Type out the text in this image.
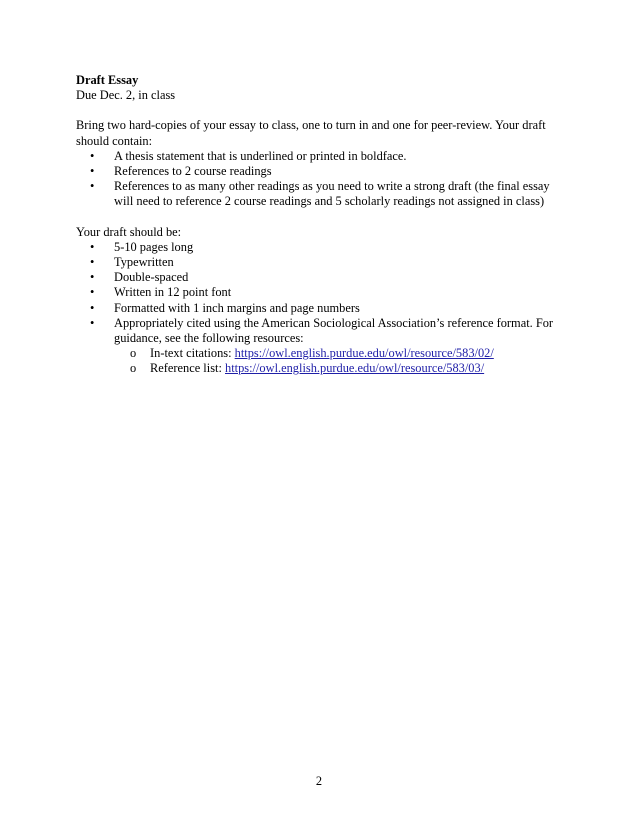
Draft Essay

Due Dec. 2, in class

Bring two hard-copies of your essay to class, one to turn in and one for peer-review. Your draft should contain:

• A thesis statement that is underlined or printed in boldface.
• References to 2 course readings
• References to as many other readings as you need to write a strong draft (the final essay will need to reference 2 course readings and 5 scholarly readings not assigned in class)

Your draft should be:

• 5-10 pages long
• Typewritten
• Double-spaced
• Written in 12 point font
• Formatted with 1 inch margins and page numbers
• Appropriately cited using the American Sociological Association’s reference format. For guidance, see the following resources:
o In-text citations: https://owl.english.purdue.edu/owl/resource/583/02/
o Reference list: https://owl.english.purdue.edu/owl/resource/583/03/
2
